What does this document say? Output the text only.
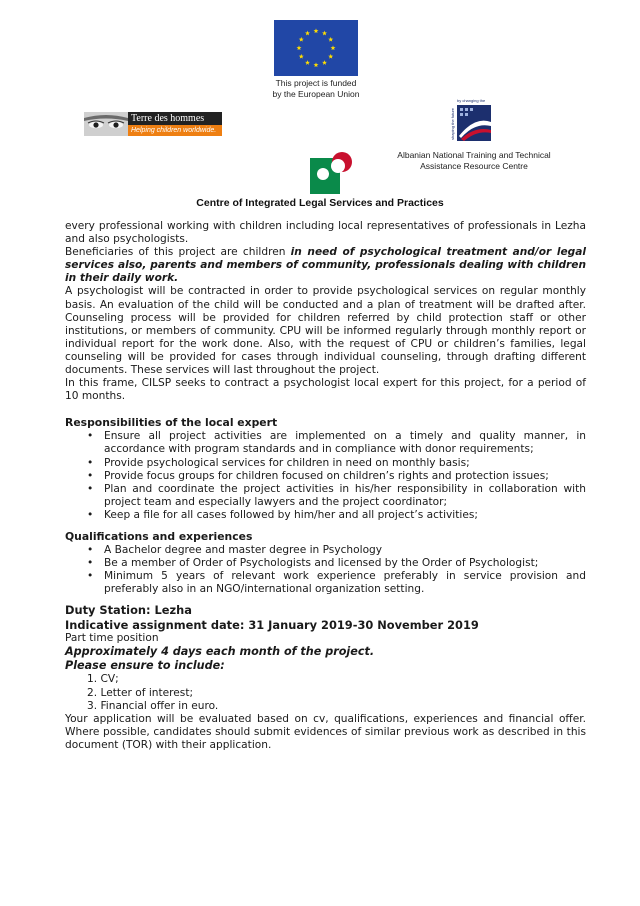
This project is funded
by the European Union
Terre des hommes
Helping children worldwide.
by changing the
shaping the future
Albanian National Training and Technical
Assistance Resource Centre
Centre of Integrated Legal Services and Practices

every professional working with children including local representatives of professionals in Lezha and also psychologists.

Beneficiaries of this project are children in need of psychological treatment and/or legal services also, parents and members of community, professionals dealing with children in their daily work.

A psychologist will be contracted in order to provide psychological services on regular monthly basis. An evaluation of the child will be conducted and a plan of treatment will be drafted after. Counseling process will be provided for children referred by child protection staff or other institutions, or members of community. CPU will be informed regularly through monthly report or individual report for the work done. Also, with the request of CPU or children’s families, legal counseling will be provided for cases through individual counseling, through drafting different documents. These services will last throughout the project.

In this frame, CILSP seeks to contract a psychologist local expert for this project, for a period of 10 months.

Responsibilities of the local expert
• Ensure all project activities are implemented on a timely and quality manner, in accordance with program standards and in compliance with donor requirements;
• Provide psychological services for children in need on monthly basis;
• Provide focus groups for children focused on children’s rights and protection issues;
• Plan and coordinate the project activities in his/her responsibility in collaboration with project team and especially lawyers and the project coordinator;
• Keep a file for all cases followed by him/her and all project’s activities;
Qualifications and experiences
• A Bachelor degree and master degree in Psychology
• Be a member of Order of Psychologists and licensed by the Order of Psychologist;
• Minimum 5 years of relevant work experience preferably in service provision and preferably also in an NGO/international organization setting.
Duty Station: Lezha
Indicative assignment date: 31 January 2019-30 November 2019
Part time position
Approximately 4 days each month of the project.
Please ensure to include:
1. CV;
2. Letter of interest;
3. Financial offer in euro.

Your application will be evaluated based on cv, qualifications, experiences and financial offer. Where possible, candidates should submit evidences of similar previous work as described in this document (TOR) with their application.
